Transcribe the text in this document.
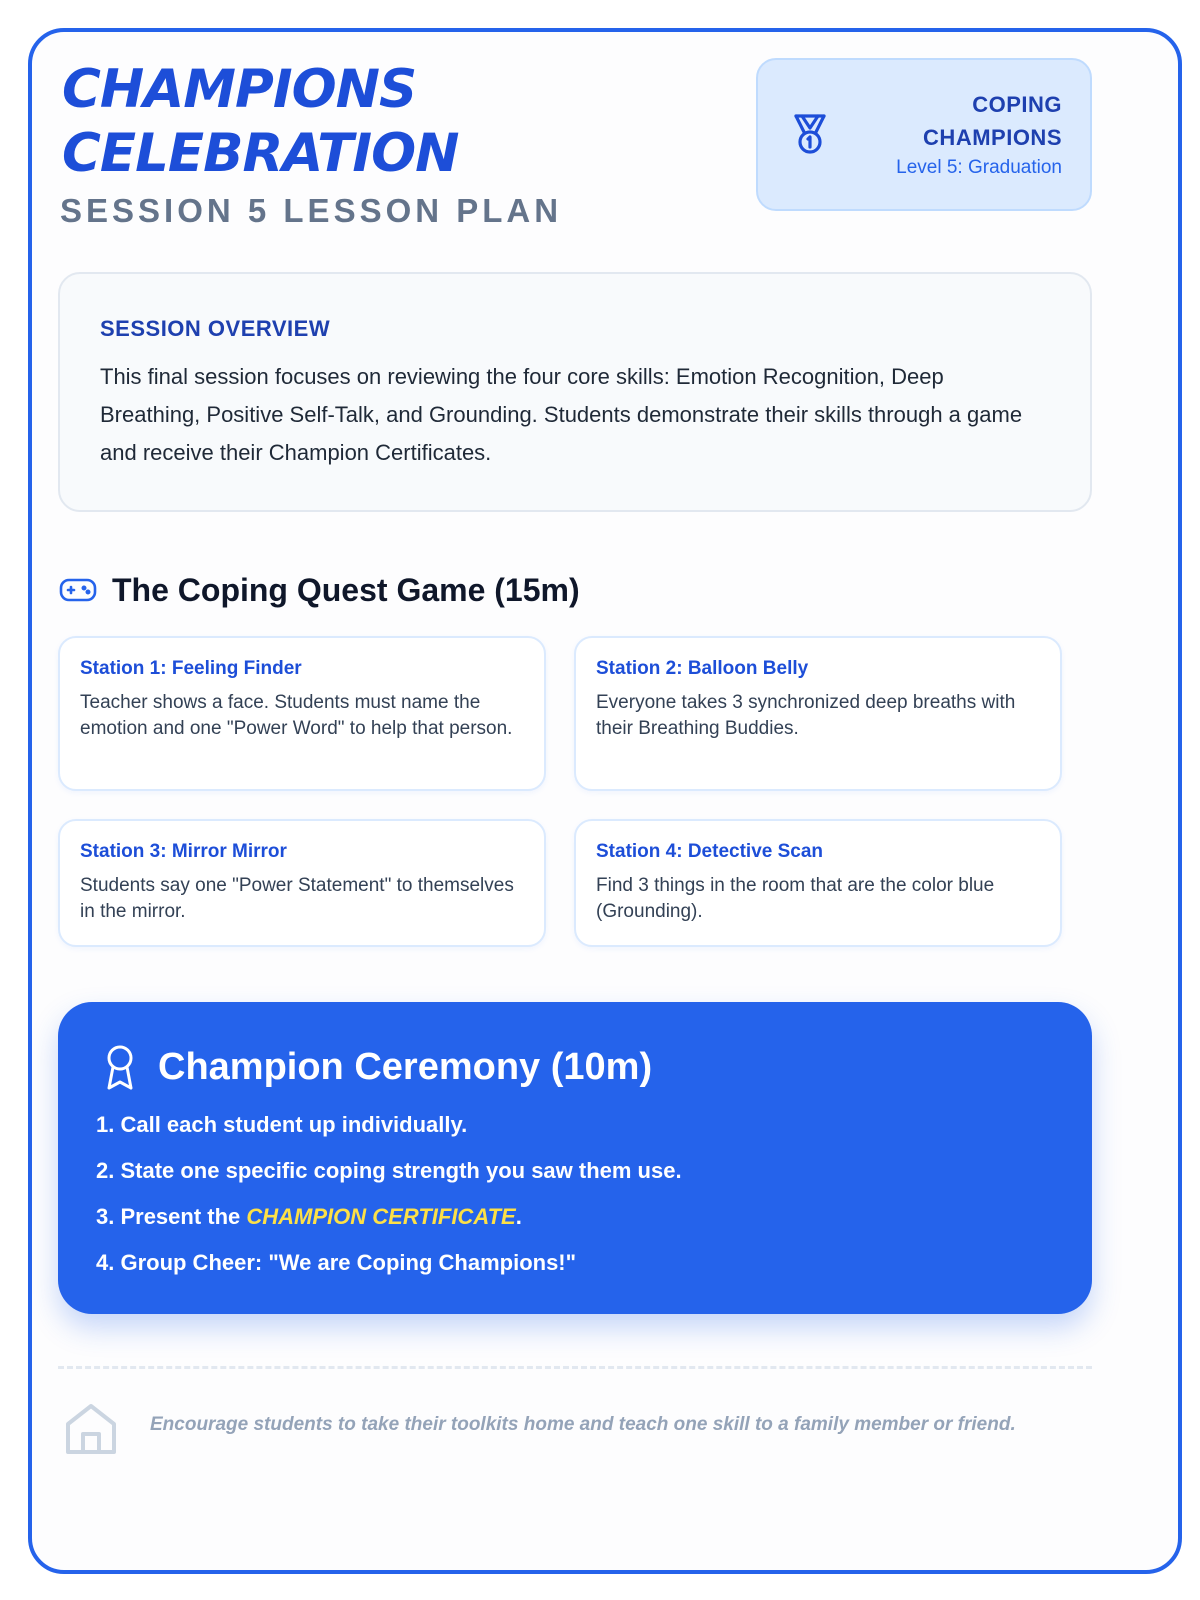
CHAMPIONS CELEBRATION
SESSION 5 LESSON PLAN
COPING CHAMPIONS
Level 5: Graduation
SESSION OVERVIEW

This final session focuses on reviewing the four core skills: Emotion Recognition, Deep Breathing, Positive Self-Talk, and Grounding. Students demonstrate their skills through a game and receive their Champion Certificates.

The Coping Quest Game (15m)
Station 1: Feeling Finder

Teacher shows a face. Students must name the emotion and one "Power Word" to help that person.

Station 2: Balloon Belly

Everyone takes 3 synchronized deep breaths with their Breathing Buddies.

Station 3: Mirror Mirror

Students say one "Power Statement" to themselves in the mirror.

Station 4: Detective Scan

Find 3 things in the room that are the color blue (Grounding).

Champion Ceremony (10m)
1. Call each student up individually.
2. State one specific coping strength you saw them use.
3. Present the CHAMPION CERTIFICATE.
4. Group Cheer: "We are Coping Champions!"
Encourage students to take their toolkits home and teach one skill to a family member or friend.
